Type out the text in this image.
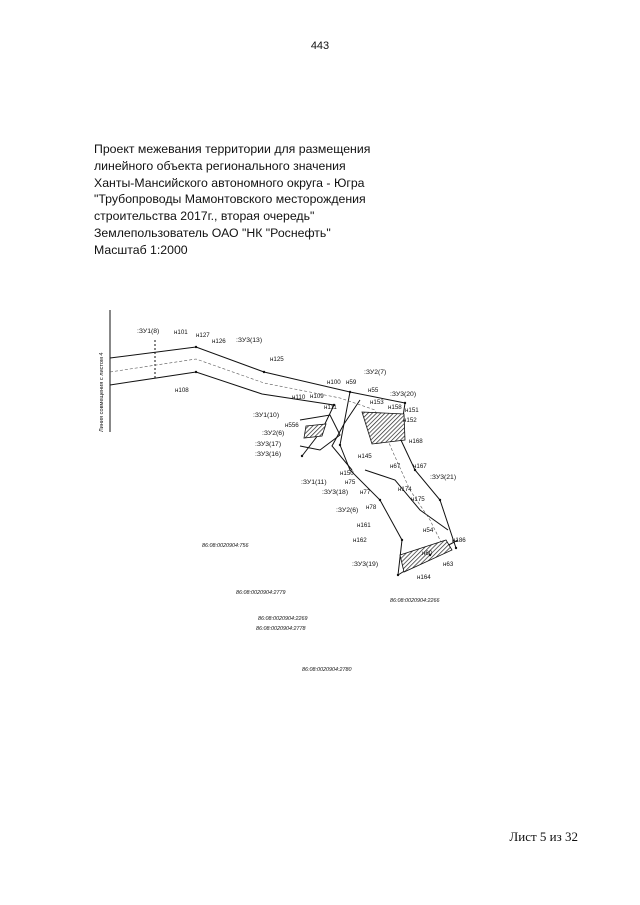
443
Проект межевания территории для размещения
линейного объекта регионального значения
Ханты-Мансийского автономного округа - Югра
"Трубопроводы Мамонтовского месторождения
строительства 2017г., вторая очередь"
Землепользователь ОАО "НК "Роснефть"
Масштаб 1:2000
Линия совмещения с листом 4
:ЗУ1(8)
:ЗУ3(13)
:ЗУ2(7)
:ЗУ3(20)
:ЗУ1(10)
:ЗУ2(6)
:ЗУ3(17)
:ЗУ3(16)
:ЗУ1(11)
:ЗУ3(18)
:ЗУ3(21)
:ЗУ2(6)
:ЗУ3(19)
н101 н127
н126
н125
н108
н100 н59
н55
н110 н109
н111
н153
н158 н151
н152
н556
н168
н145
н67 н167
н150
н75
н77	н174
н175
н78
н161
н162
н54
н186
н63
н164
н60
86:08:0020904:756
86:08:0020904:2779
86:08:0020904:2269
86:08:0020904:2778
86:08:0020904:2266
86:08:0020904:2780
Лист 5 из 32
